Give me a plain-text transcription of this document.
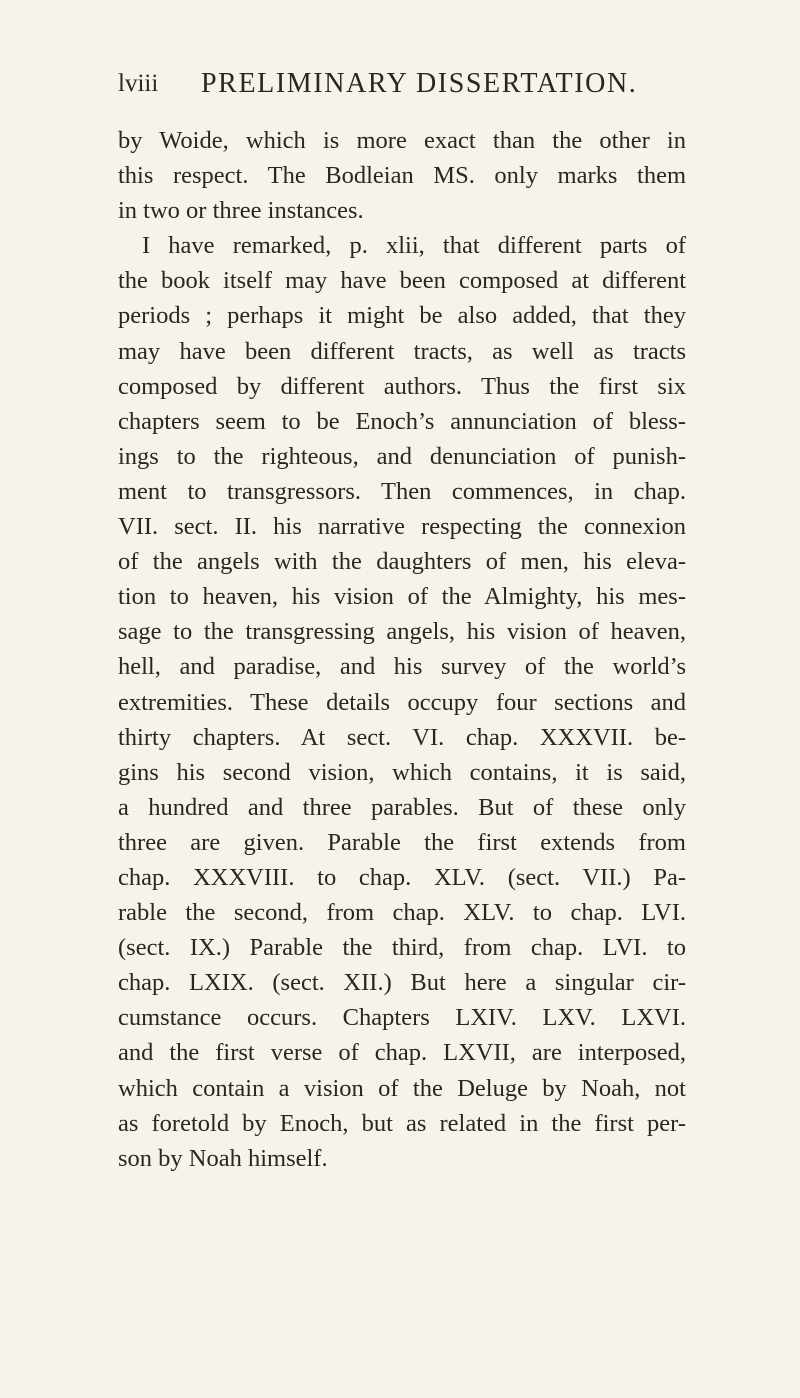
lviii PRELIMINARY DISSERTATION.
by Woide, which is more exact than the other in
this respect. The Bodleian MS. only marks them
in two or three instances.
I have remarked, p. xlii, that different parts of
the book itself may have been composed at different
periods ; perhaps it might be also added, that they
may have been different tracts, as well as tracts
composed by different authors. Thus the first six
chapters seem to be Enoch’s annunciation of bless-
ings to the righteous, and denunciation of punish-
ment to transgressors. Then commences, in chap.
VII. sect. II. his narrative respecting the connexion
of the angels with the daughters of men, his eleva-
tion to heaven, his vision of the Almighty, his mes-
sage to the transgressing angels, his vision of heaven,
hell, and paradise, and his survey of the world’s
extremities. These details occupy four sections and
thirty chapters. At sect. VI. chap. XXXVII. be-
gins his second vision, which contains, it is said,
a hundred and three parables. But of these only
three are given. Parable the first extends from
chap. XXXVIII. to chap. XLV. (sect. VII.) Pa-
rable the second, from chap. XLV. to chap. LVI.
(sect. IX.) Parable the third, from chap. LVI. to
chap. LXIX. (sect. XII.) But here a singular cir-
cumstance occurs. Chapters LXIV. LXV. LXVI.
and the first verse of chap. LXVII, are interposed,
which contain a vision of the Deluge by Noah, not
as foretold by Enoch, but as related in the first per-
son by Noah himself.
